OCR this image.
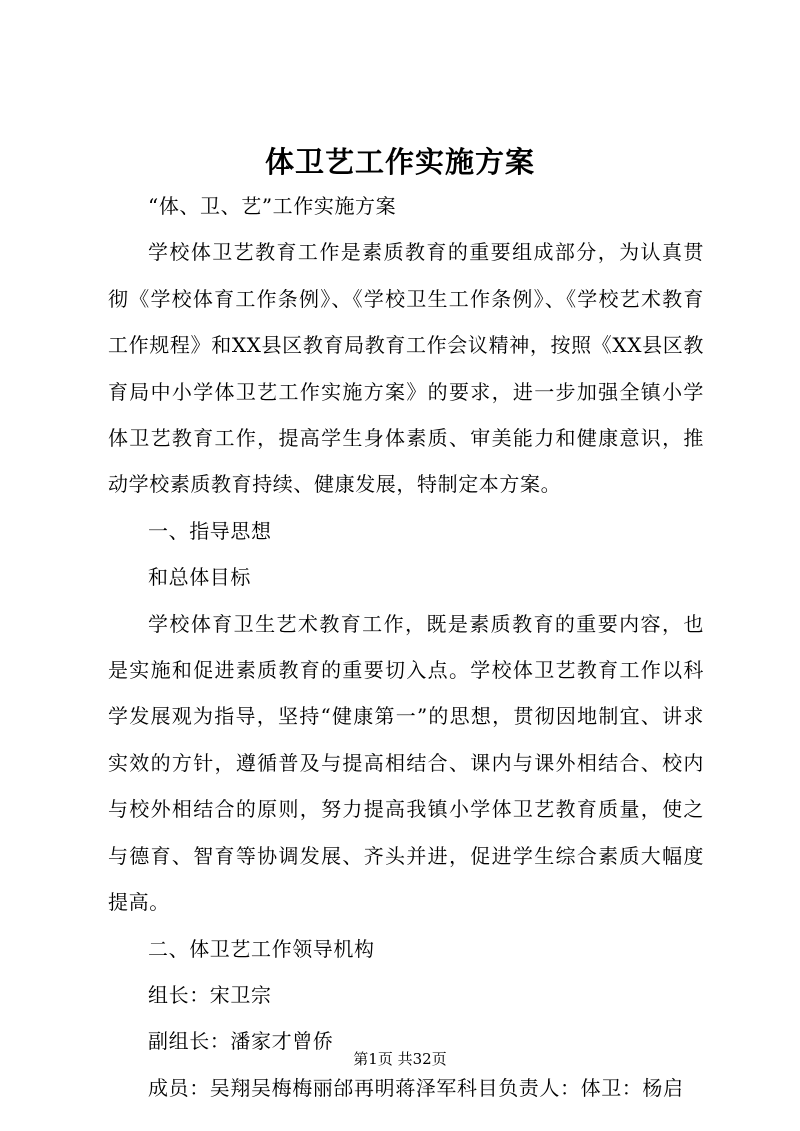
体卫艺工作实施方案

“体、卫、艺”工作实施方案

学校体卫艺教育工作是素质教育的重要组成部分，为认真贯彻《学校体育工作条例》、《学校卫生工作条例》、《学校艺术教育工作规程》和XX县区教育局教育工作会议精神，按照《XX县区教育局中小学体卫艺工作实施方案》的要求，进一步加强全镇小学体卫艺教育工作，提高学生身体素质、审美能力和健康意识，推动学校素质教育持续、健康发展，特制定本方案。

一、指导思想

和总体目标

学校体育卫生艺术教育工作，既是素质教育的重要内容，也是实施和促进素质教育的重要切入点。学校体卫艺教育工作以科学发展观为指导，坚持“健康第一”的思想，贯彻因地制宜、讲求实效的方针，遵循普及与提高相结合、课内与课外相结合、校内与校外相结合的原则，努力提高我镇小学体卫艺教育质量，使之与德育、智育等协调发展、齐头并进，促进学生综合素质大幅度提高。

二、体卫艺工作领导机构

组长：宋卫宗

副组长：潘家才曾侨

成员：吴翔吴梅梅丽邰再明蒋泽军科目负责人：体卫：杨启

第1页 共32页
